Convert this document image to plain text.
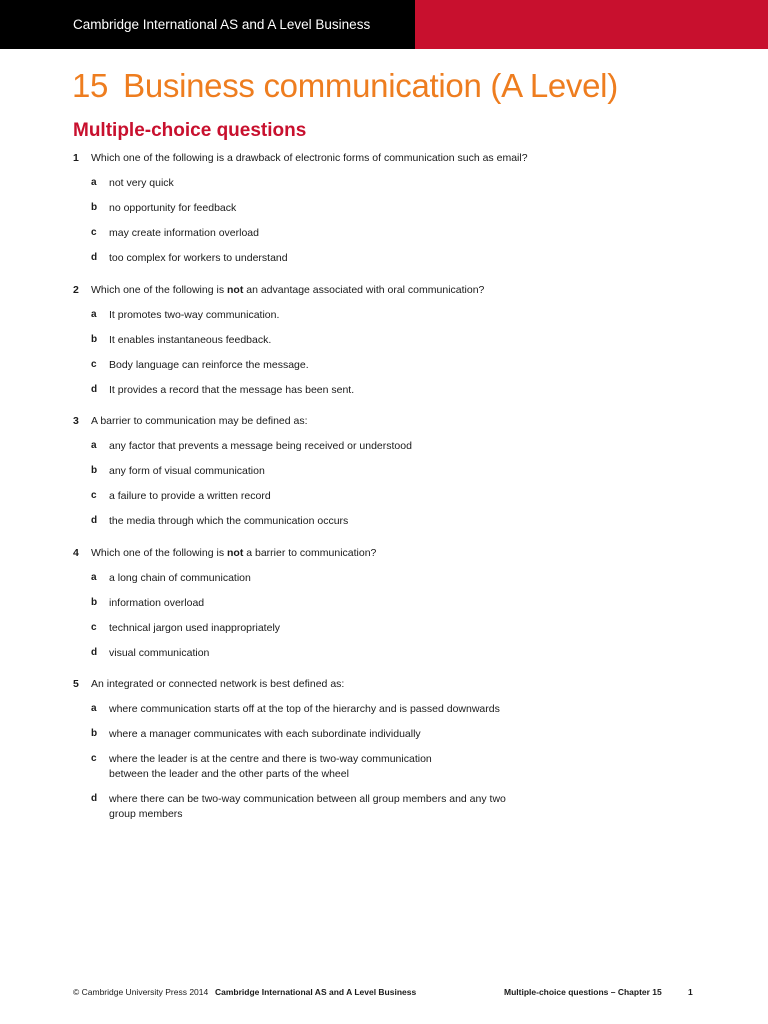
Cambridge International AS and A Level Business
15 Business communication (A Level)
Multiple-choice questions
1 Which one of the following is a drawback of electronic forms of communication such as email?
a not very quick
b no opportunity for feedback
c may create information overload
d too complex for workers to understand
2 Which one of the following is not an advantage associated with oral communication?
a It promotes two-way communication.
b It enables instantaneous feedback.
c Body language can reinforce the message.
d It provides a record that the message has been sent.
3 A barrier to communication may be defined as:
a any factor that prevents a message being received or understood
b any form of visual communication
c a failure to provide a written record
d the media through which the communication occurs
4 Which one of the following is not a barrier to communication?
a a long chain of communication
b information overload
c technical jargon used inappropriately
d visual communication
5 An integrated or connected network is best defined as:
a where communication starts off at the top of the hierarchy and is passed downwards
b where a manager communicates with each subordinate individually
c where the leader is at the centre and there is two-way communication
between the leader and the other parts of the wheel
d where there can be two-way communication between all group members and any two
group members
© Cambridge University Press 2014 Cambridge International AS and A Level Business	Multiple-choice questions – Chapter 15	1
